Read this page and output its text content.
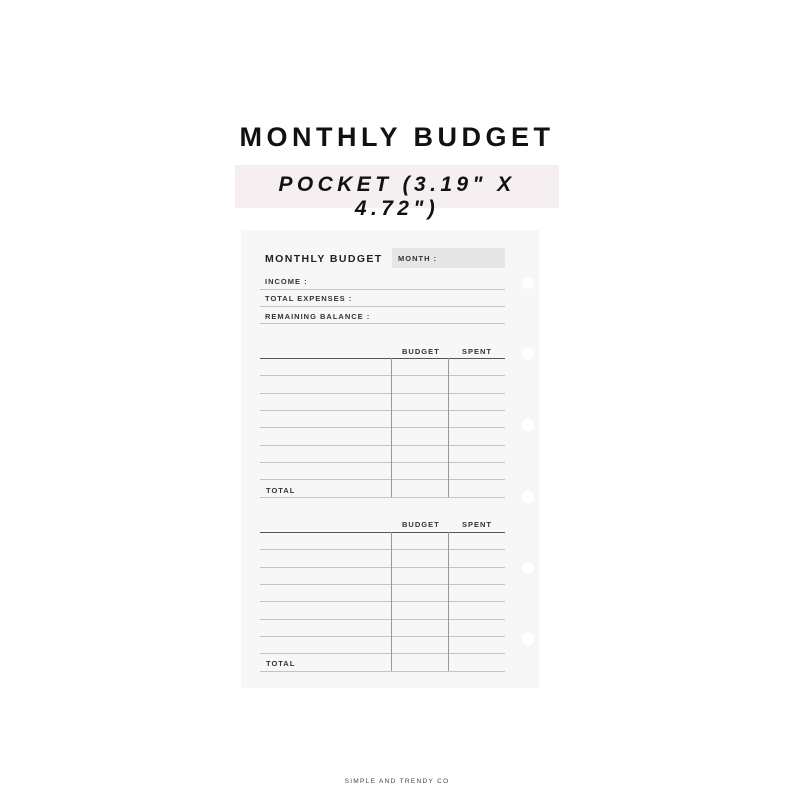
MONTHLY BUDGET
POCKET (3.19" X 4.72")
MONTHLY BUDGET MONTH :
INCOME :
TOTAL EXPENSES :
REMAINING BALANCE :
BUDGET	SPENT
TOTAL
BUDGET	SPENT
TOTAL
SIMPLE AND TRENDY CO
